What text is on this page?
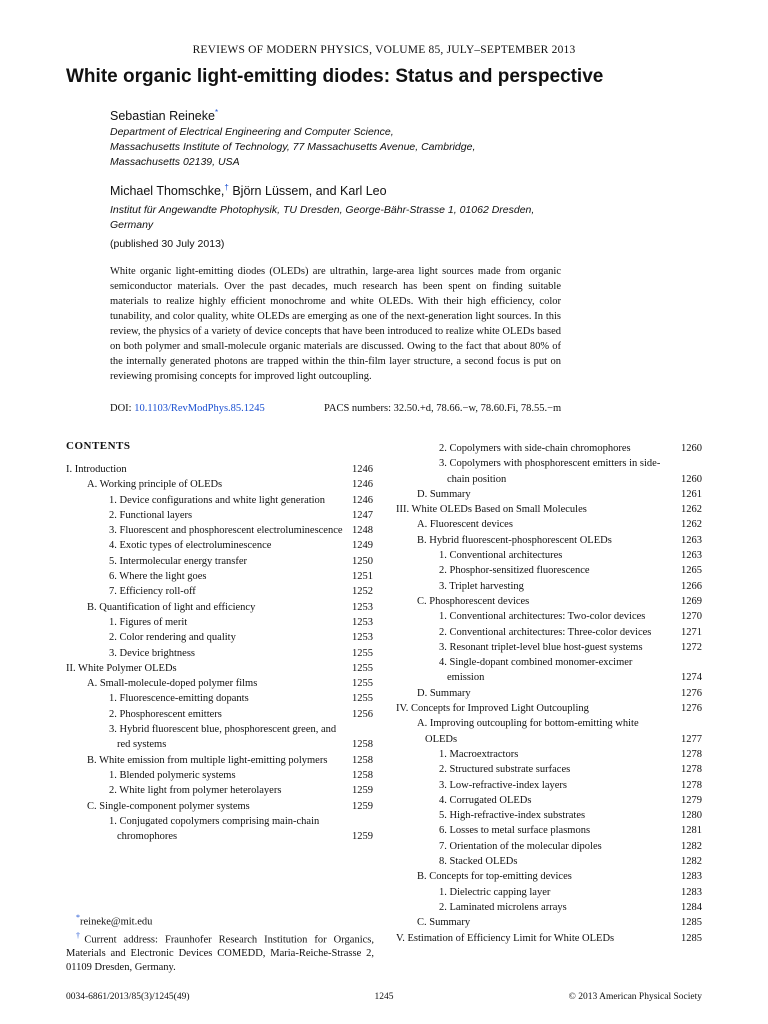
REVIEWS OF MODERN PHYSICS, VOLUME 85, JULY–SEPTEMBER 2013
White organic light-emitting diodes: Status and perspective
Sebastian Reineke*
Department of Electrical Engineering and Computer Science,
Massachusetts Institute of Technology, 77 Massachusetts Avenue, Cambridge,
Massachusetts 02139, USA
Michael Thomschke,† Björn Lüssem, and Karl Leo
Institut für Angewandte Photophysik, TU Dresden, George-Bähr-Strasse 1, 01062 Dresden,
Germany
(published 30 July 2013)
White organic light-emitting diodes (OLEDs) are ultrathin, large-area light sources made from organic semiconductor materials. Over the past decades, much research has been spent on finding suitable materials to realize highly efficient monochrome and white OLEDs. With their high efficiency, color tunability, and color quality, white OLEDs are emerging as one of the next-generation light sources. In this review, the physics of a variety of device concepts that have been introduced to realize white OLEDs based on both polymer and small-molecule organic materials are discussed. Owing to the fact that about 80% of the internally generated photons are trapped within the thin-film layer structure, a second focus is put on reviewing promising concepts for improved light outcoupling.
DOI: 10.1103/RevModPhys.85.1245	PACS numbers: 32.50.+d, 78.66.−w, 78.60.Fi, 78.55.−m
CONTENTS
I. Introduction	1246
A. Working principle of OLEDs	1246
1. Device configurations and white light generation	1246
2. Functional layers	1247
3. Fluorescent and phosphorescent electroluminescence 1248
4. Exotic types of electroluminescence	1249
5. Intermolecular energy transfer	1250
6. Where the light goes	1251
7. Efficiency roll-off	1252
B. Quantification of light and efficiency	1253
1. Figures of merit	1253
2. Color rendering and quality	1253
3. Device brightness	1255
II. White Polymer OLEDs	1255
A. Small-molecule-doped polymer films	1255
1. Fluorescence-emitting dopants	1255
2. Phosphorescent emitters	1256
3. Hybrid fluorescent blue, phosphorescent green, and red systems	1258
B. White emission from multiple light-emitting polymers	1258
1. Blended polymeric systems	1258
2. White light from polymer heterolayers	1259
C. Single-component polymer systems	1259
1. Conjugated copolymers comprising main-chain chromophores	1259
2. Copolymers with side-chain chromophores	1260
3. Copolymers with phosphorescent emitters in side-chain position	1260
D. Summary	1261
III. White OLEDs Based on Small Molecules	1262
A. Fluorescent devices	1262
B. Hybrid fluorescent-phosphorescent OLEDs	1263
1. Conventional architectures	1263
2. Phosphor-sensitized fluorescence	1265
3. Triplet harvesting	1266
C. Phosphorescent devices	1269
1. Conventional architectures: Two-color devices	1270
2. Conventional architectures: Three-color devices	1271
3. Resonant triplet-level blue host-guest systems	1272
4. Single-dopant combined monomer-excimer emission	1274
D. Summary	1276
IV. Concepts for Improved Light Outcoupling	1276
A. Improving outcoupling for bottom-emitting white OLEDs	1277
1. Macroextractors	1278
2. Structured substrate surfaces	1278
3. Low-refractive-index layers	1278
4. Corrugated OLEDs	1279
5. High-refractive-index substrates	1280
6. Losses to metal surface plasmons	1281
7. Orientation of the molecular dipoles	1282
8. Stacked OLEDs	1282
B. Concepts for top-emitting devices	1283
1. Dielectric capping layer	1283
2. Laminated microlens arrays	1284
C. Summary	1285
V. Estimation of Efficiency Limit for White OLEDs	1285
*reineke@mit.edu
†Current address: Fraunhofer Research Institution for Organics, Materials and Electronic Devices COMEDD, Maria-Reiche-Strasse 2, 01109 Dresden, Germany.
0034-6861/2013/85(3)/1245(49)	1245	© 2013 American Physical Society
